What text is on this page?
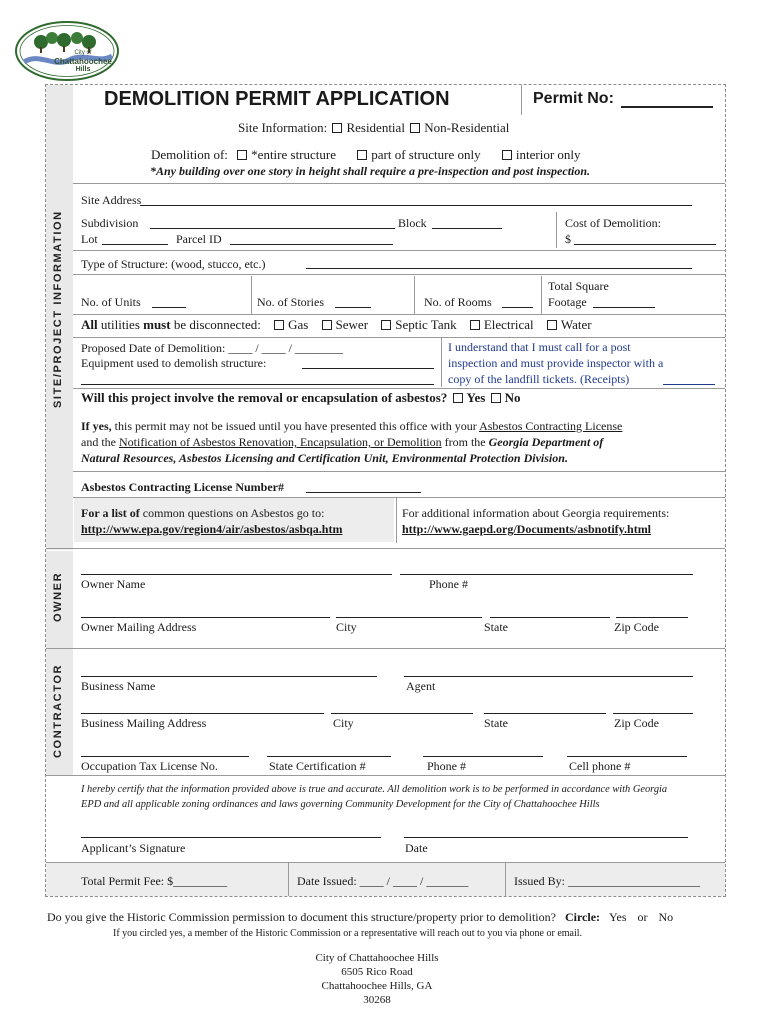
City of
Chattahoochee
Hills
SITE/PROJECT INFORMATION
OWNER
CONTRACTOR
DEMOLITION PERMIT APPLICATION	Permit No:
Site Information: Residential Non-Residential
Demolition of: *entire structure	part of structure only	interior only
*Any building over one story in height shall require a pre-inspection and post inspection.
Site Address
Subdivision	Block	Cost of Demolition:
Lot	Parcel ID	$
Type of Structure: (wood, stucco, etc.)
No. of Units	No. of Stories	No. of Rooms
Total Square
Footage
All utilities must be disconnected: Gas Sewer Septic Tank Electrical Water
Proposed Date of Demolition: ____ / ____ / ________
Equipment used to demolish structure:
I understand that I must call for a post
inspection and must provide inspector with a
copy of the landfill tickets. (Receipts)
Will this project involve the removal or encapsulation of asbestos? Yes No
If yes, this permit may not be issued until you have presented this office with your Asbestos Contracting License
and the Notification of Asbestos Renovation, Encapsulation, or Demolition from the Georgia Department of
Natural Resources, Asbestos Licensing and Certification Unit, Environmental Protection Division.
Asbestos Contracting License Number#
For a list of common questions on Asbestos go to:
http://www.epa.gov/region4/air/asbestos/asbqa.htm
For additional information about Georgia requirements:
http://www.gaepd.org/Documents/asbnotify.html
Owner Name	Phone #
Owner Mailing Address	City	State	Zip Code
Business Name	Agent
Business Mailing Address	City	State	Zip Code
Occupation Tax License No.	State Certification #	Phone #	Cell phone #
I hereby certify that the information provided above is true and accurate. All demolition work is to be performed in accordance with Georgia
EPD and all applicable zoning ordinances and laws governing Community Development for the City of Chattahoochee Hills
Applicant’s Signature	Date
Total Permit Fee: $_________	Date Issued: ____ / ____ / _______	Issued By: ______________________
Do you give the Historic Commission permission to document this structure/property prior to demolition? Circle: Yes or No
If you circled yes, a member of the Historic Commission or a representative will reach out to you via phone or email.
City of Chattahoochee Hills
6505 Rico Road
Chattahoochee Hills, GA
30268
